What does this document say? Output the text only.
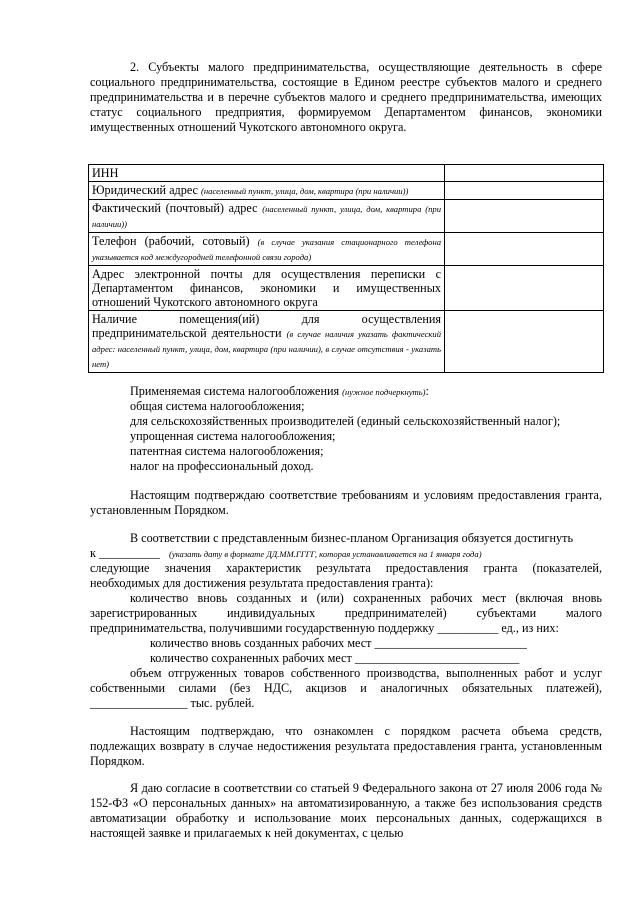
2. Субъекты малого предпринимательства, осуществляющие деятельность в сфере социального предпринимательства, состоящие в Едином реестре субъектов малого и среднего предпринимательства и в перечне субъектов малого и среднего предпринимательства, имеющих статус социального предприятия, формируемом Департаментом финансов, экономики имущественных отношений Чукотского автономного округа.

ИНН	
Юридический адрес (населенный пункт, улица, дом, квартира (при наличии))	
Фактический (почтовый) адрес (населенный пункт, улица, дом, квартира (при наличии))	
Телефон (рабочий, сотовый) (в случае указания стационарного телефона указывается код междугородней телефонной связи города)	
Адрес электронной почты для осуществления переписки с Департаментом финансов, экономики и имущественных отношений Чукотского автономного округа	
Наличие помещения(ий) для осуществления предпринимательской деятельности (в случае наличия указать фактический адрес: населенный пункт, улица, дом, квартира (при наличии), в случае отсутствия - указать нет)	

Применяемая система налогообложения (нужное подчеркнуть):

общая система налогообложения;

для сельскохозяйственных производителей (единый сельскохозяйственный налог);

упрощенная система налогообложения;

патентная система налогообложения;

налог на профессиональный доход.

Настоящим подтверждаю соответствие требованиям и условиям предоставления гранта, установленным Порядком.

В соответствии с представленным бизнес-планом Организация обязуется достигнуть

к __________ (указать дату в формате ДД.ММ.ГГГГ, которая устанавливается на 1 января года)

следующие значения характеристик результата предоставления гранта (показателей, необходимых для достижения результата предоставления гранта):

количество вновь созданных и (или) сохраненных рабочих мест (включая вновь зарегистрированных индивидуальных предпринимателей) субъектами малого предпринимательства, получившими государственную поддержку __________ ед., из них:

количество вновь созданных рабочих мест _________________________

количество сохраненных рабочих мест ___________________________

объем отгруженных товаров собственного производства, выполненных работ и услуг собственными силами (без НДС, акцизов и аналогичных обязательных платежей), ________________ тыс. рублей.

Настоящим подтверждаю, что ознакомлен с порядком расчета объема средств, подлежащих возврату в случае недостижения результата предоставления гранта, установленным Порядком.

Я даю согласие в соответствии со статьей 9 Федерального закона от 27 июля 2006 года № 152-ФЗ «О персональных данных» на автоматизированную, а также без использования средств автоматизации обработку и использование моих персональных данных, содержащихся в настоящей заявке и прилагаемых к ней документах, с целью
